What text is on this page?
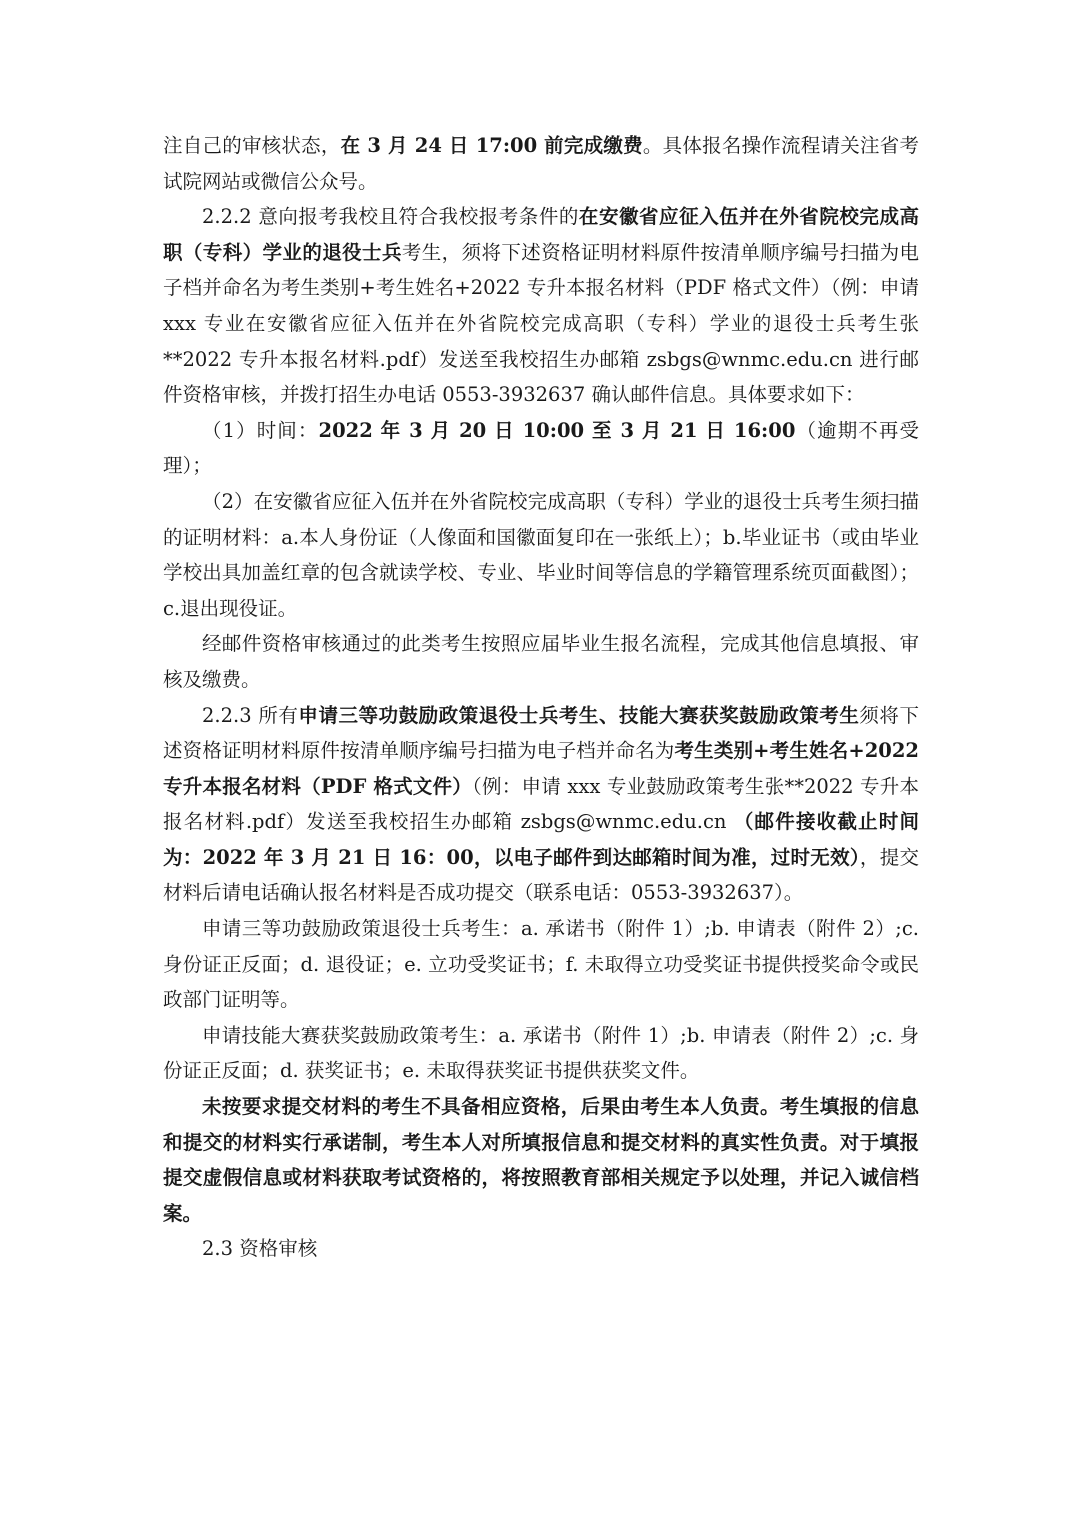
注自己的审核状态，在 3 月 24 日 17:00 前完成缴费。具体报名操作流程请关注省考试院网站或微信公众号。

2.2.2 意向报考我校且符合我校报考条件的在安徽省应征入伍并在外省院校完成高职（专科）学业的退役士兵考生，须将下述资格证明材料原件按清单顺序编号扫描为电子档并命名为考生类别+考生姓名+2022 专升本报名材料（PDF 格式文件）（例：申请 xxx 专业在安徽省应征入伍并在外省院校完成高职（专科）学业的退役士兵考生张**2022 专升本报名材料.pdf）发送至我校招生办邮箱 zsbgs@wnmc.edu.cn 进行邮件资格审核，并拨打招生办电话 0553-3932637 确认邮件信息。具体要求如下：

（1）时间：2022 年 3 月 20 日 10:00 至 3 月 21 日 16:00（逾期不再受理）；

（2）在安徽省应征入伍并在外省院校完成高职（专科）学业的退役士兵考生须扫描的证明材料：a.本人身份证（人像面和国徽面复印在一张纸上）；b.毕业证书（或由毕业学校出具加盖红章的包含就读学校、专业、毕业时间等信息的学籍管理系统页面截图）；c.退出现役证。

经邮件资格审核通过的此类考生按照应届毕业生报名流程，完成其他信息填报、审核及缴费。

2.2.3 所有申请三等功鼓励政策退役士兵考生、技能大赛获奖鼓励政策考生须将下述资格证明材料原件按清单顺序编号扫描为电子档并命名为考生类别+考生姓名+2022 专升本报名材料（PDF 格式文件）（例：申请 xxx 专业鼓励政策考生张**2022 专升本报名材料.pdf）发送至我校招生办邮箱 zsbgs@wnmc.edu.cn （邮件接收截止时间为：2022 年 3 月 21 日 16：00，以电子邮件到达邮箱时间为准，过时无效），提交材料后请电话确认报名材料是否成功提交（联系电话：0553-3932637）。

申请三等功鼓励政策退役士兵考生：a. 承诺书（附件 1）;b. 申请表（附件 2）;c. 身份证正反面；d. 退役证；e. 立功受奖证书；f. 未取得立功受奖证书提供授奖命令或民政部门证明等。

申请技能大赛获奖鼓励政策考生：a. 承诺书（附件 1）;b. 申请表（附件 2）;c. 身份证正反面；d. 获奖证书；e. 未取得获奖证书提供获奖文件。

未按要求提交材料的考生不具备相应资格，后果由考生本人负责。考生填报的信息和提交的材料实行承诺制，考生本人对所填报信息和提交材料的真实性负责。对于填报提交虚假信息或材料获取考试资格的，将按照教育部相关规定予以处理，并记入诚信档案。

2.3 资格审核
